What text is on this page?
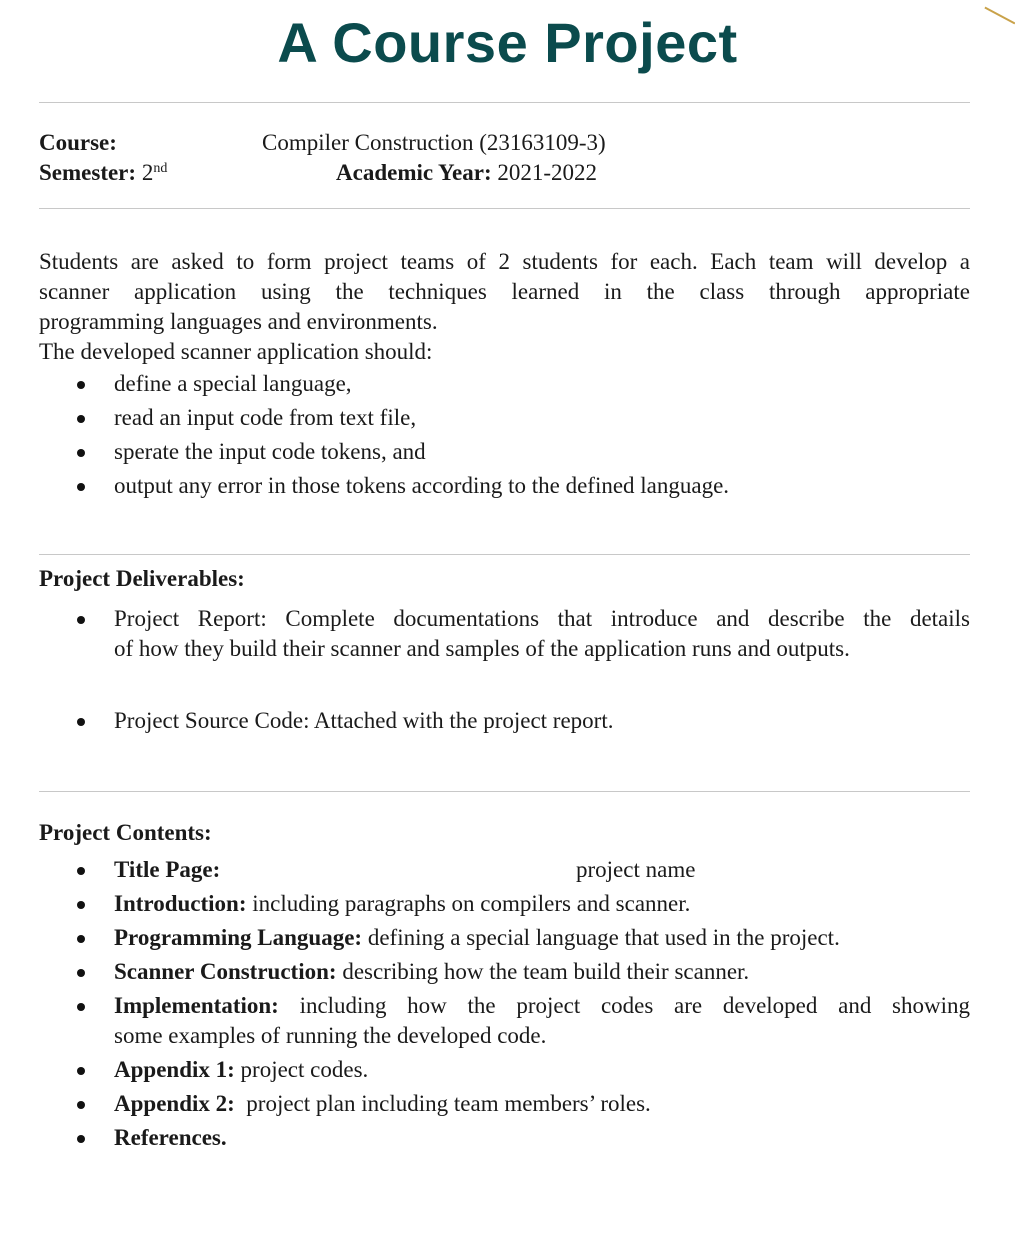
A Course Project
Course:	Compiler Construction (23163109-3)
Semester: 2nd	Academic Year: 2021-2022
Students are asked to form project teams of 2 students for each. Each team will develop a
scanner application using the techniques learned in the class through appropriate
programming languages and environments.
The developed scanner application should:
define a special language,
read an input code from text file,
sperate the input code tokens, and
output any error in those tokens according to the defined language.
Project Deliverables:
Project Report: Complete documentations that introduce and describe the details
of how they build their scanner and samples of the application runs and outputs.
Project Source Code: Attached with the project report.
Project Contents:
Title Page:	project name
Introduction: including paragraphs on compilers and scanner.
Programming Language: defining a special language that used in the project.
Scanner Construction: describing how the team build their scanner.
Implementation: including how the project codes are developed and showing
some examples of running the developed code.
Appendix 1: project codes.
Appendix 2:  project plan including team members’ roles.
References.
